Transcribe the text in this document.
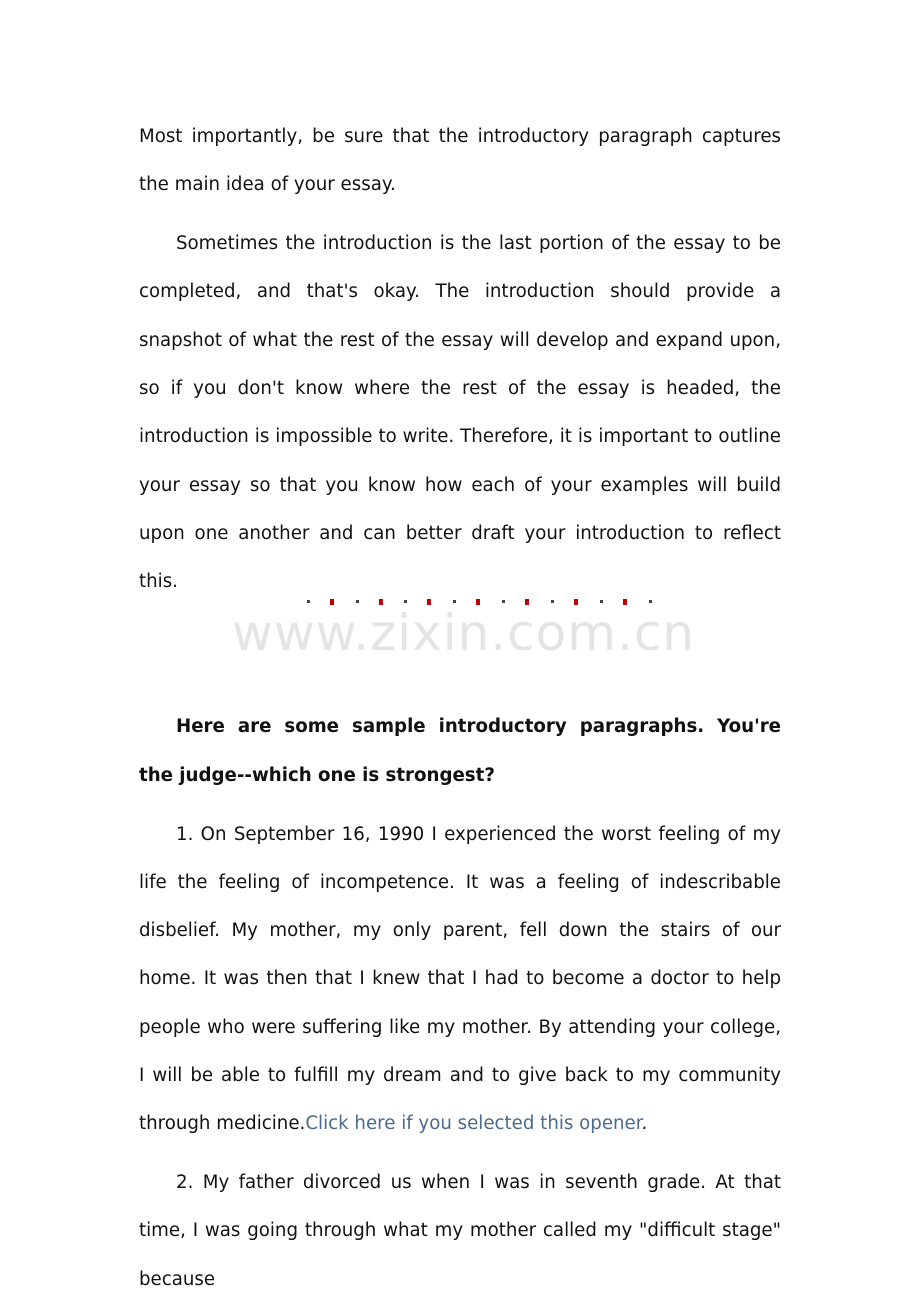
Most importantly, be sure that the introductory paragraph captures the main idea of your essay.

Sometimes the introduction is the last portion of the essay to be completed, and that's okay. The introduction should provide a snapshot of what the rest of the essay will develop and expand upon, so if you don't know where the rest of the essay is headed, the introduction is impossible to write. Therefore, it is important to outline your essay so that you know how each of your examples will build upon one another and can better draft your introduction to reflect this.

Here are some sample introductory paragraphs. You're the judge--which one is strongest?

1. On September 16, 1990 I experienced the worst feeling of my life the feeling of incompetence. It was a feeling of indescribable disbelief. My mother, my only parent, fell down the stairs of our home. It was then that I knew that I had to become a doctor to help people who were suffering like my mother. By attending your college, I will be able to fulfill my dream and to give back to my community through medicine.Click here if you selected this opener.

2. My father divorced us when I was in seventh grade. At that time, I was going through what my mother called my "difficult stage" because

www.zixin.com.cn
